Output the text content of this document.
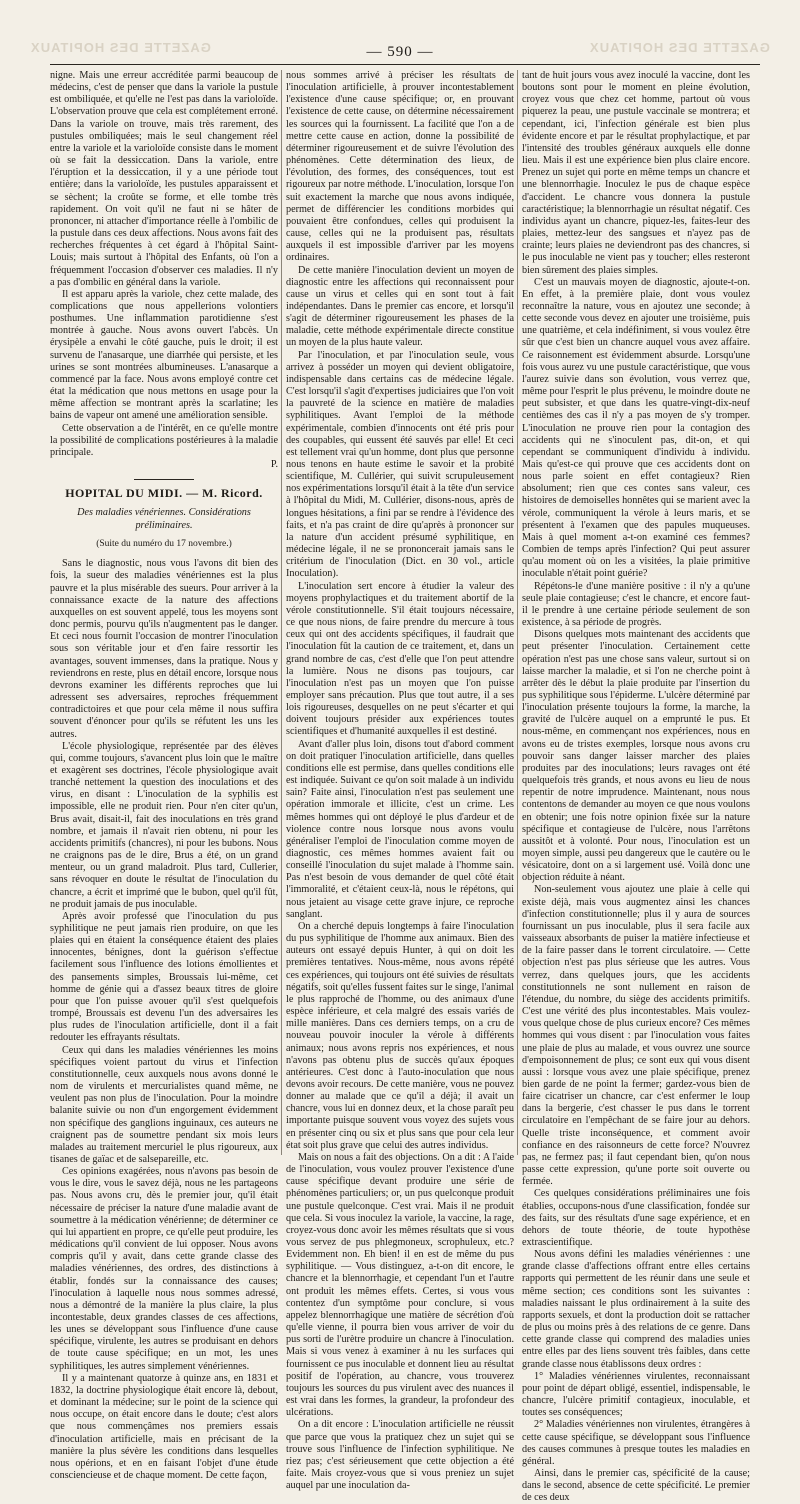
GAZETTE DES HOPITAUX	GAZETTE DES HOPITAUX
— 590 —

nigne. Mais une erreur accréditée parmi beaucoup de médecins, c'est de penser que dans la variole la pustule est ombiliquée, et qu'elle ne l'est pas dans la varioloïde. L'observation prouve que cela est complétement erroné. Dans la variole on trouve, mais très rarement, des pustules ombiliquées; mais le seul changement réel entre la variole et la varioloïde consiste dans le moment où se fait la dessiccation. Dans la variole, entre l'éruption et la dessiccation, il y a une période tout entière; dans la varioloïde, les pustules apparaissent et se sèchent; la croûte se forme, et elle tombe très rapidement. On voit qu'il ne faut ni se hâter de prononcer, ni attacher d'importance réelle à l'ombilic de la pustule dans ces deux affections. Nous avons fait des recherches fréquentes à cet égard à l'hôpital Saint-Louis; mais surtout à l'hôpital des Enfants, où l'on a fréquemment l'occasion d'observer ces maladies. Il n'y a pas d'ombilic en général dans la variole.

Il est apparu après la variole, chez cette malade, des complications que nous appellerions volontiers posthumes. Une inflammation parotidienne s'est montrée à gauche. Nous avons ouvert l'abcès. Un érysipèle a envahi le côté gauche, puis le droit; il est survenu de l'anasarque, une diarrhée qui persiste, et les urines se sont montrées albumineuses. L'anasarque a commencé par la face. Nous avons employé contre cet état la médication que nous mettons en usage pour la même affection se montrant après la scarlatine; les bains de vapeur ont amené une amélioration sensible.

Cette observation a de l'intérêt, en ce qu'elle montre la possibilité de complications postérieures à la maladie principale.

P.

HOPITAL DU MIDI. — M. Ricord.
Des maladies vénériennes. Considérations préliminaires.
(Suite du numéro du 17 novembre.)

Sans le diagnostic, nous vous l'avons dit bien des fois, la sueur des maladies vénériennes est la plus pauvre et la plus misérable des sueurs. Pour arriver à la connaissance exacte de la nature des affections auxquelles on est souvent appelé, tous les moyens sont donc permis, pourvu qu'ils n'augmentent pas le danger. Et ceci nous fournit l'occasion de montrer l'inoculation sous son véritable jour et d'en faire ressortir les avantages, souvent immenses, dans la pratique. Nous y reviendrons en reste, plus en détail encore, lorsque nous devrons examiner les différents reproches que lui adressent ses adversaires, reproches fréquemment contradictoires et que pour cela même il nous suffira souvent d'énoncer pour qu'ils se réfutent les uns les autres.

L'école physiologique, représentée par des élèves qui, comme toujours, s'avancent plus loin que le maître et exagèrent ses doctrines, l'école physiologique avait tranché nettement la question des inoculations et des virus, en disant : L'inoculation de la syphilis est impossible, elle ne produit rien. Pour n'en citer qu'un, Brus avait, disait-il, fait des inoculations en très grand nombre, et jamais il n'avait rien obtenu, ni pour les accidents primitifs (chancres), ni pour les bubons. Nous ne craignons pas de le dire, Brus a été, on un grand menteur, ou un grand maladroit. Plus tard, Cullerier, sans révoquer en doute le résultat de l'inoculation du chancre, a écrit et imprimé que le bubon, quel qu'il fût, ne produit jamais de pus inoculable.

Après avoir professé que l'inoculation du pus syphilitique ne peut jamais rien produire, on que les plaies qui en étaient la conséquence étaient des plaies innocentes, bénignes, dont la guérison s'effectue facilement sous l'influence des lotions émollientes et des pansements simples, Broussais lui-même, cet homme de génie qui a d'assez beaux titres de gloire pour que l'on puisse avouer qu'il s'est quelquefois trompé, Broussais est devenu l'un des adversaires les plus rudes de l'inoculation artificielle, dont il a fait redouter les effrayants résultats.

Ceux qui dans les maladies vénériennes les moins spécifiques voient partout du virus et l'infection constitutionnelle, ceux auxquels nous avons donné le nom de virulents et mercurialistes quand même, ne veulent pas non plus de l'inoculation. Pour la moindre balanite suivie ou non d'un engorgement évidemment non spécifique des ganglions inguinaux, ces auteurs ne craignent pas de soumettre pendant six mois leurs malades au traitement mercuriel le plus rigoureux, aux tisanes de gaïac et de salsepareille, etc.

Ces opinions exagérées, nous n'avons pas besoin de vous le dire, vous le savez déjà, nous ne les partageons pas. Nous avons cru, dès le premier jour, qu'il était nécessaire de préciser la nature d'une maladie avant de soumettre à la médication vénérienne; de déterminer ce qui lui appartient en propre, ce qu'elle peut produire, les médications qu'il convient de lui opposer. Nous avons compris qu'il y avait, dans cette grande classe des maladies vénériennes, des ordres, des distinctions à établir, fondés sur la connaissance des causes; l'inoculation à laquelle nous nous sommes adressé, nous a démontré de la manière la plus claire, la plus incontestable, deux grandes classes de ces affections, les unes se développant sous l'influence d'une cause spécifique, virulente, les autres se produisant en dehors de toute cause spécifique; en un mot, les unes syphilitiques, les autres simplement vénériennes.

Il y a maintenant quatorze à quinze ans, en 1831 et 1832, la doctrine physiologique était encore là, debout, et dominant la médecine; sur le point de la science qui nous occupe, on était encore dans le doute; c'est alors que nous commençâmes nos premiers essais d'inoculation artificielle, mais en précisant de la manière la plus sévère les conditions dans lesquelles nous opérions, et en en faisant l'objet d'une étude consciencieuse et de chaque moment. De cette façon,

nous sommes arrivé à préciser les résultats de l'inoculation artificielle, à prouver incontestablement l'existence d'une cause spécifique; or, en prouvant l'existence de cette cause, on détermine nécessairement les sources qui la fournissent. La facilité que l'on a de mettre cette cause en action, donne la possibilité de déterminer rigoureusement et de suivre l'évolution des phénomènes. Cette détermination des lieux, de l'évolution, des formes, des conséquences, tout est rigoureux par notre méthode. L'inoculation, lorsque l'on suit exactement la marche que nous avons indiquée, permet de différencier les conditions morbides qui pouvaient être confondues, celles qui produisent la cause, celles qui ne la produisent pas, résultats auxquels il est impossible d'arriver par les moyens ordinaires.

De cette manière l'inoculation devient un moyen de diagnostic entre les affections qui reconnaissent pour cause un virus et celles qui en sont tout à fait indépendantes. Dans le premier cas encore, et lorsqu'il s'agit de déterminer rigoureusement les phases de la maladie, cette méthode expérimentale directe constitue un moyen de la plus haute valeur.

Par l'inoculation, et par l'inoculation seule, vous arrivez à posséder un moyen qui devient obligatoire, indispensable dans certains cas de médecine légale. C'est lorsqu'il s'agit d'expertises judiciaires que l'on voit la pauvreté de la science en matière de maladies syphilitiques. Avant l'emploi de la méthode expérimentale, combien d'innocents ont été pris pour des coupables, qui eussent été sauvés par elle! Et ceci est tellement vrai qu'un homme, dont plus que personne nous tenons en haute estime le savoir et la probité scientifique, M. Cullérier, qui suivit scrupuleusement nos expérimentations lorsqu'il était à la tête d'un service à l'hôpital du Midi, M. Cullérier, disons-nous, après de longues hésitations, a fini par se rendre à l'évidence des faits, et n'a pas craint de dire qu'après à prononcer sur la nature d'un accident présumé syphilitique, en médecine légale, il ne se prononcerait jamais sans le critérium de l'inoculation (Dict. en 30 vol., article Inoculation).

L'inoculation sert encore à étudier la valeur des moyens prophylactiques et du traitement abortif de la vérole constitutionnelle. S'il était toujours nécessaire, ce que nous nions, de faire prendre du mercure à tous ceux qui ont des accidents spécifiques, il faudrait que l'inoculation fût la caution de ce traitement, et, dans un grand nombre de cas, c'est d'elle que l'on peut attendre la lumière. Nous ne disons pas toujours, car l'inoculation n'est pas un moyen que l'on puisse employer sans précaution. Plus que tout autre, il a ses lois rigoureuses, desquelles on ne peut s'écarter et qui doivent toujours présider aux expériences toutes scientifiques et d'humanité auxquelles il est destiné.

Avant d'aller plus loin, disons tout d'abord comment on doit pratiquer l'inoculation artificielle, dans quelles conditions elle est permise, dans quelles conditions elle est indiquée. Suivant ce qu'on soit malade à un individu sain? Faite ainsi, l'inoculation n'est pas seulement une opération immorale et illicite, c'est un crime. Les mêmes hommes qui ont déployé le plus d'ardeur et de violence contre nous lorsque nous avons voulu généraliser l'emploi de l'inoculation comme moyen de diagnostic, ces mêmes hommes avaient fait ou conseillé l'inoculation du sujet malade à l'homme sain. Pas n'est besoin de vous demander de quel côté était l'immoralité, et c'étaient ceux-là, nous le répétons, qui nous jetaient au visage cette grave injure, ce reproche sanglant.

On a cherché depuis longtemps à faire l'inoculation du pus syphilitique de l'homme aux animaux. Bien des auteurs ont essayé depuis Hunter, à qui on doit les premières tentatives. Nous-même, nous avons répété ces expériences, qui toujours ont été suivies de résultats négatifs, soit qu'elles fussent faites sur le singe, l'animal le plus rapproché de l'homme, ou des animaux d'une espèce inférieure, et cela malgré des essais variés de mille manières. Dans ces derniers temps, on a cru de nouveau pouvoir inoculer la vérole à différents animaux; nous avons repris nos expériences, et nous n'avons pas obtenu plus de succès qu'aux époques antérieures. C'est donc à l'auto-inoculation que nous devons avoir recours. De cette manière, vous ne pouvez donner au malade que ce qu'il a déjà; il avait un chancre, vous lui en donnez deux, et la chose paraît peu importante puisque souvent vous voyez des sujets vous en présenter cinq ou six et plus sans que pour cela leur état soit plus grave que celui des autres individus.

Mais on nous a fait des objections. On a dit : A l'aide de l'inoculation, vous voulez prouver l'existence d'une cause spécifique devant produire une série de phénomènes particuliers; or, un pus quelconque produit une pustule quelconque. C'est vrai. Mais il ne produit que cela. Si vous inoculez la variole, la vaccine, la rage, croyez-vous donc avoir les mêmes résultats que si vous vous servez de pus phlegmoneux, scrophuleux, etc.? Evidemment non. Eh bien! il en est de même du pus syphilitique. — Vous distinguez, a-t-on dit encore, le chancre et la blennorrhagie, et cependant l'un et l'autre ont produit les mêmes effets. Certes, si vous vous contentez d'un symptôme pour conclure, si vous appelez blennorrhagique une matière de sécrétion d'où qu'elle vienne, il pourra bien vous arriver de voir du pus sorti de l'urètre produire un chancre à l'inoculation. Mais si vous venez à examiner à nu les surfaces qui fournissent ce pus inoculable et donnent lieu au résultat positif de l'opération, au chancre, vous trouverez toujours les sources du pus virulent avec des nuances il est vrai dans les formes, la grandeur, la profondeur des ulcérations.

On a dit encore : L'inoculation artificielle ne réussit que parce que vous la pratiquez chez un sujet qui se trouve sous l'influence de l'infection syphilitique. Ne riez pas; c'est sérieusement que cette objection a été faite. Mais croyez-vous que si vous preniez un sujet auquel par une inoculation da-

tant de huit jours vous avez inoculé la vaccine, dont les boutons sont pour le moment en pleine évolution, croyez vous que chez cet homme, partout où vous piquerez la peau, une pustule vaccinale se montrera; et cependant, ici, l'infection générale est bien plus évidente encore et par le résultat prophylactique, et par l'intensité des troubles généraux auxquels elle donne lieu. Mais il est une expérience bien plus claire encore. Prenez un sujet qui porte en même temps un chancre et une blennorrhagie. Inoculez le pus de chaque espèce d'accident. Le chancre vous donnera la pustule caractéristique; la blennorrhagie un résultat négatif. Ces individus ayant un chancre, piquez-les, faites-leur des plaies, mettez-leur des sangsues et n'ayez pas de crainte; leurs plaies ne deviendront pas des chancres, si le pus inoculable ne vient pas y toucher; elles resteront bien sûrement des plaies simples.

C'est un mauvais moyen de diagnostic, ajoute-t-on. En effet, à la première plaie, dont vous voulez reconnaître la nature, vous en ajoutez une seconde; à cette seconde vous devez en ajouter une troisième, puis une quatrième, et cela indéfiniment, si vous voulez être sûr que c'est bien un chancre auquel vous avez affaire. Ce raisonnement est évidemment absurde. Lorsqu'une fois vous aurez vu une pustule caractéristique, que vous l'aurez suivie dans son évolution, vous verrez que, même pour l'esprit le plus prévenu, le moindre doute ne peut subsister, et que dans les quatre-vingt-dix-neuf centièmes des cas il n'y a pas moyen de s'y tromper. L'inoculation ne prouve rien pour la contagion des accidents qui ne s'inoculent pas, dit-on, et qui cependant se communiquent d'individu à individu. Mais qu'est-ce qui prouve que ces accidents dont on nous parle soient en effet contagieux? Rien absolument; rien que ces contes sans valeur, ces histoires de demoiselles honnêtes qui se marient avec la vérole, communiquent la vérole à leurs maris, et se présentent à l'examen que des papules muqueuses. Mais à quel moment a-t-on examiné ces femmes? Combien de temps après l'infection? Qui peut assurer qu'au moment où on les a visitées, la plaie primitive inoculable n'était point guérie?

Répétons-le d'une manière positive : il n'y a qu'une seule plaie contagieuse; c'est le chancre, et encore faut-il le prendre à une certaine période seulement de son existence, à sa période de progrès.

Disons quelques mots maintenant des accidents que peut présenter l'inoculation. Certainement cette opération n'est pas une chose sans valeur, surtout si on laisse marcher la maladie, et si l'on ne cherche point à arrêter dès le début la plaie produite par l'insertion du pus syphilitique sous l'épiderme. L'ulcère déterminé par l'inoculation présente toujours la forme, la marche, la gravité de l'ulcère auquel on a emprunté le pus. Et nous-même, en commençant nos expériences, nous en avons eu de tristes exemples, lorsque nous avons cru pouvoir sans danger laisser marcher des plaies produites par des inoculations; leurs ravages ont été quelquefois très grands, et nous avons eu lieu de nous repentir de notre imprudence. Maintenant, nous nous contentons de demander au moyen ce que nous voulons en obtenir; une fois notre opinion fixée sur la nature spécifique et contagieuse de l'ulcère, nous l'arrêtons aussitôt et à volonté. Pour nous, l'inoculation est un moyen simple, aussi peu dangereux que le cautère ou le vésicatoire, dont on a si largement usé. Voilà donc une objection réduite à néant.

Non-seulement vous ajoutez une plaie à celle qui existe déjà, mais vous augmentez ainsi les chances d'infection constitutionnelle; plus il y aura de sources fournissant un pus inoculable, plus il sera facile aux vaisseaux absorbants de puiser la matière infectieuse et de la faire passer dans le torrent circulatoire. — Cette objection n'est pas plus sérieuse que les autres. Vous verrez, dans quelques jours, que les accidents constitutionnels ne sont nullement en raison de l'étendue, du nombre, du siège des accidents primitifs. C'est une vérité des plus incontestables. Mais voulez-vous quelque chose de plus curieux encore? Ces mêmes hommes qui vous disent : par l'inoculation vous faites une plaie de plus au malade, et vous ouvrez une source d'empoisonnement de plus; ce sont eux qui vous disent aussi : lorsque vous avez une plaie spécifique, prenez bien garde de ne point la fermer; gardez-vous bien de faire cicatriser un chancre, car c'est enfermer le loup dans la bergerie, c'est chasser le pus dans le torrent circulatoire en l'empêchant de se faire jour au dehors. Quelle triste inconséquence, et comment avoir confiance en des raisonneurs de cette force? N'ouvrez pas, ne fermez pas; il faut cependant bien, qu'on nous passe cette expression, qu'une porte soit ouverte ou fermée.

Ces quelques considérations préliminaires une fois établies, occupons-nous d'une classification, fondée sur des faits, sur des résultats d'une sage expérience, et en dehors de toute théorie, de toute hypothèse extrascientifique.

Nous avons défini les maladies vénériennes : une grande classe d'affections offrant entre elles certains rapports qui permettent de les réunir dans une seule et même section; ces conditions sont les suivantes : maladies naissant le plus ordinairement à la suite des rapports sexuels, et dont la production doit se rattacher de plus ou moins près à des relations de ce genre. Dans cette grande classe qui comprend des maladies unies entre elles par des liens souvent très faibles, dans cette grande classe nous établissons deux ordres :

1° Maladies vénériennes virulentes, reconnaissant pour point de départ obligé, essentiel, indispensable, le chancre, l'ulcère primitif contagieux, inoculable, et toutes ses conséquences;

2° Maladies vénériennes non virulentes, étrangères à cette cause spécifique, se développant sous l'influence des causes communes à presque toutes les maladies en général.

Ainsi, dans le premier cas, spécificité de la cause; dans le second, absence de cette spécificité. Le premier de ces deux
